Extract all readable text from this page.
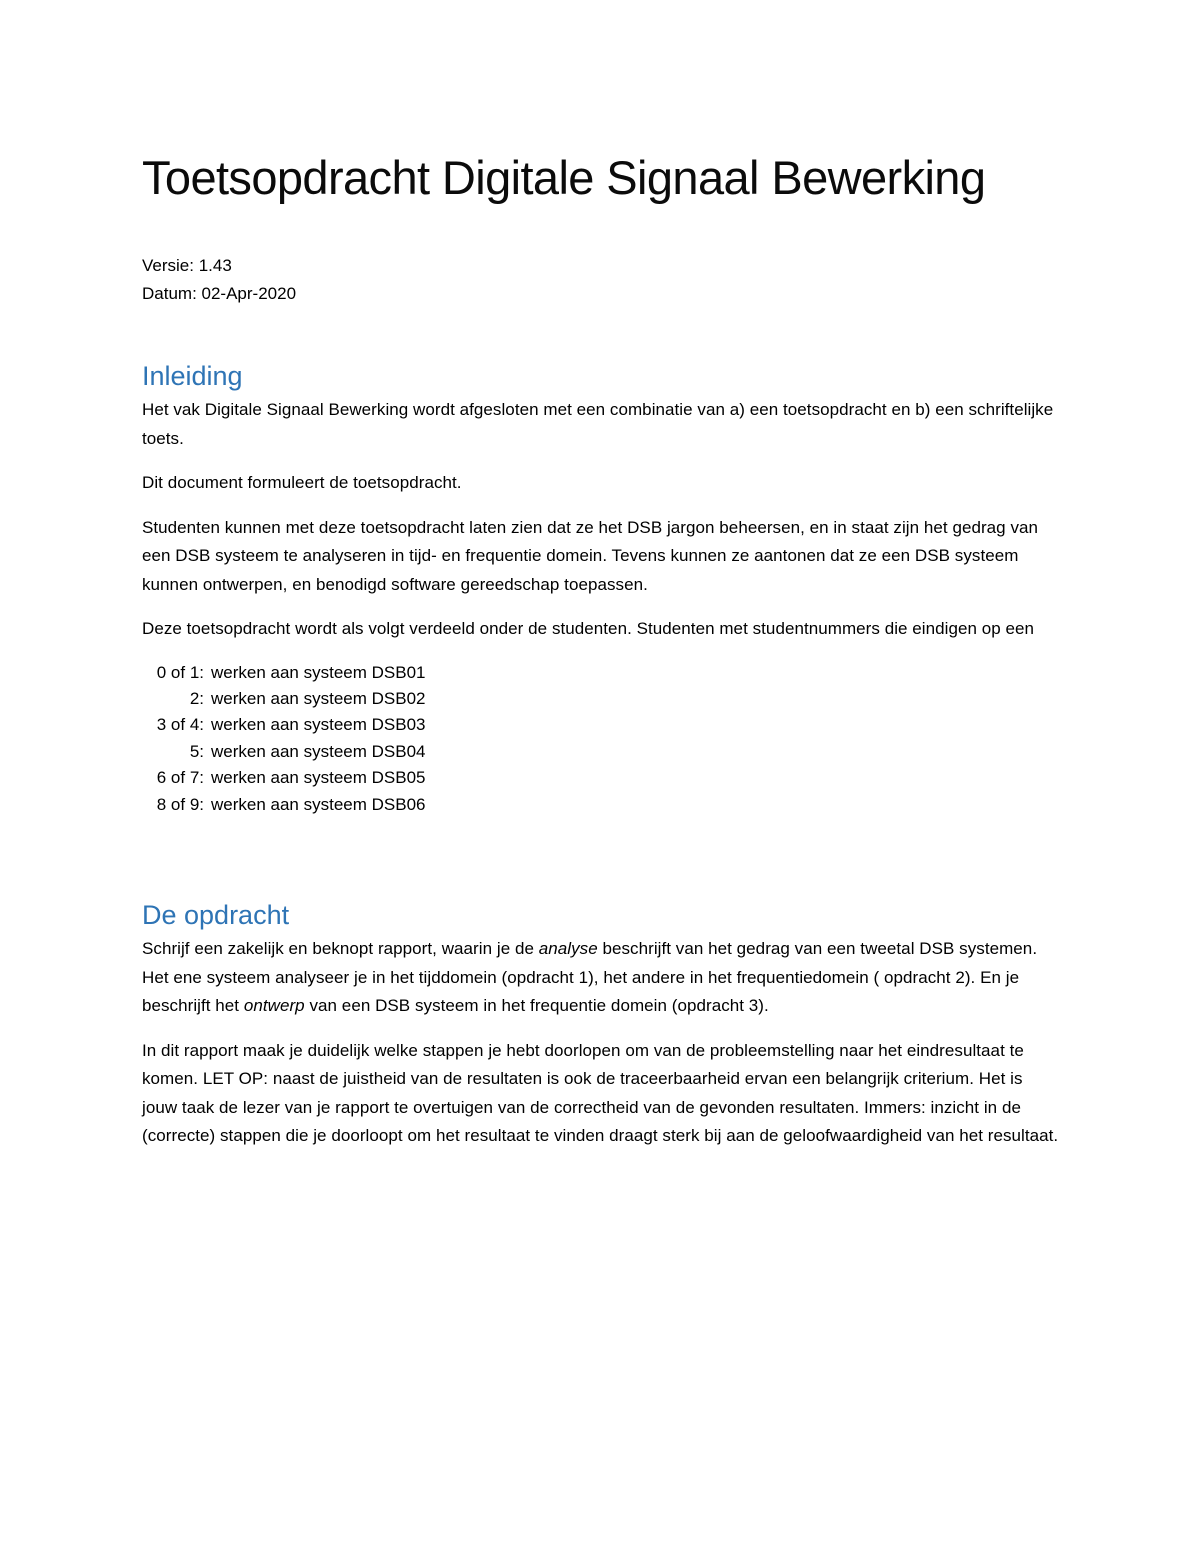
Toetsopdracht Digitale Signaal Bewerking
Versie: 1.43
Datum: 02-Apr-2020
Inleiding

Het vak Digitale Signaal Bewerking wordt afgesloten met een combinatie van a) een toetsopdracht en b) een schriftelijke toets.

Dit document formuleert de toetsopdracht.

Studenten kunnen met deze toetsopdracht laten zien dat ze het DSB jargon beheersen, en in staat zijn het gedrag van een DSB systeem te analyseren in tijd- en frequentie domein. Tevens kunnen ze aantonen dat ze een DSB systeem kunnen ontwerpen, en benodigd software gereedschap toepassen.

Deze toetsopdracht wordt als volgt verdeeld onder de studenten. Studenten met studentnummers die eindigen op een

0 of 1: werken aan systeem DSB01
2: werken aan systeem DSB02
3 of 4: werken aan systeem DSB03
5: werken aan systeem DSB04
6 of 7: werken aan systeem DSB05
8 of 9: werken aan systeem DSB06
De opdracht

Schrijf een zakelijk en beknopt rapport, waarin je de analyse beschrijft van het gedrag van een tweetal DSB systemen. Het ene systeem analyseer je in het tijddomein (opdracht 1), het andere in het frequentiedomein ( opdracht 2). En je beschrijft het ontwerp van een DSB systeem in het frequentie domein (opdracht 3).

In dit rapport maak je duidelijk welke stappen je hebt doorlopen om van de probleemstelling naar het eindresultaat te komen. LET OP: naast de juistheid van de resultaten is ook de traceerbaarheid ervan een belangrijk criterium. Het is jouw taak de lezer van je rapport te overtuigen van de correctheid van de gevonden resultaten. Immers: inzicht in de (correcte) stappen die je doorloopt om het resultaat te vinden draagt sterk bij aan de geloofwaardigheid van het resultaat.
